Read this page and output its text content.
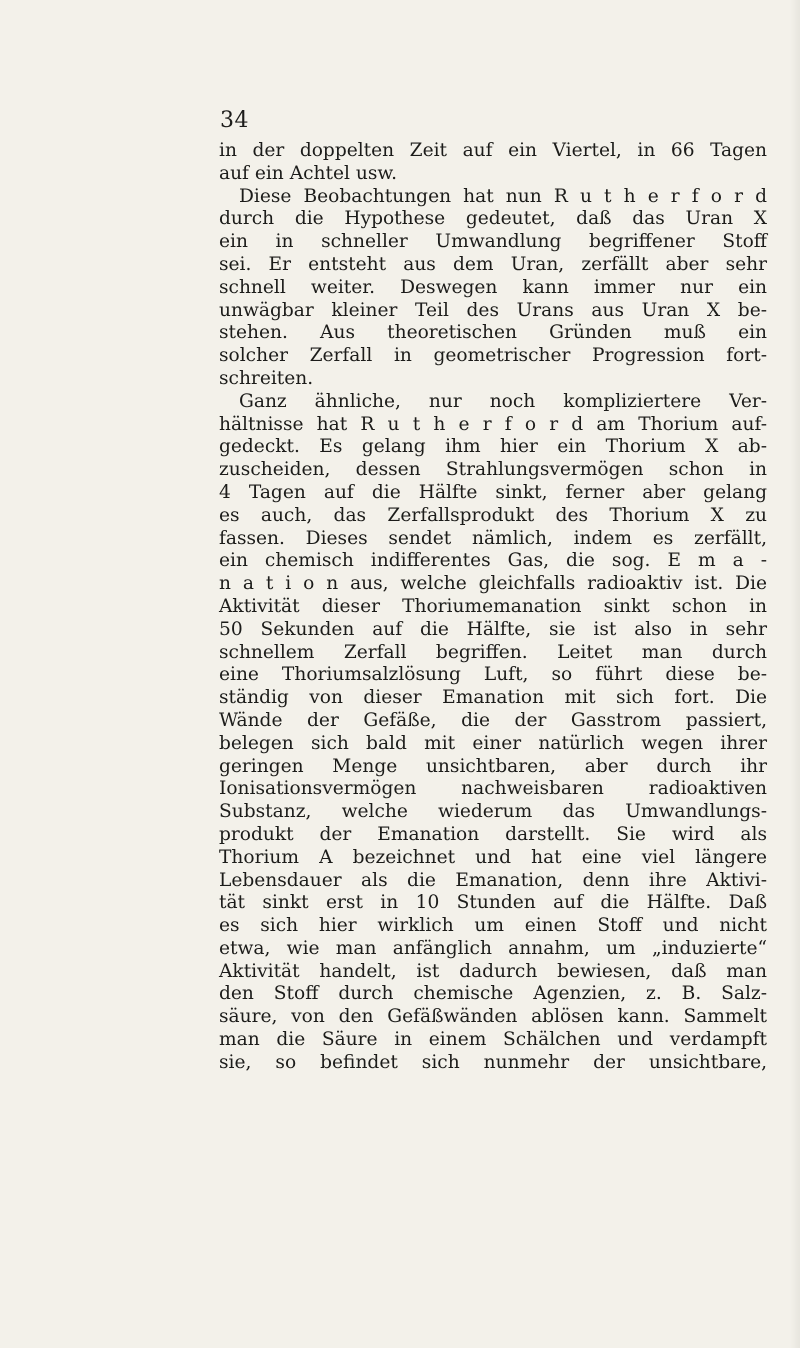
34
in der doppelten Zeit auf ein Viertel, in 66 Tagen
auf ein Achtel usw.
Diese Beobachtungen hat nun R u t h e r f o r d
durch die Hypothese gedeutet, daß das Uran X
ein in schneller Umwandlung begriffener Stoff
sei. Er entsteht aus dem Uran, zerfällt aber sehr
schnell weiter. Deswegen kann immer nur ein
unwägbar kleiner Teil des Urans aus Uran X be-
stehen. Aus theoretischen Gründen muß ein
solcher Zerfall in geometrischer Progression fort-
schreiten.
Ganz ähnliche, nur noch kompliziertere Ver-
hältnisse hat R u t h e r f o r d am Thorium auf-
gedeckt. Es gelang ihm hier ein Thorium X ab-
zuscheiden, dessen Strahlungsvermögen schon in
4 Tagen auf die Hälfte sinkt, ferner aber gelang
es auch, das Zerfallsprodukt des Thorium X zu
fassen. Dieses sendet nämlich, indem es zerfällt,
ein chemisch indifferentes Gas, die sog. E m a -
n a t i o n aus, welche gleichfalls radioaktiv ist. Die
Aktivität dieser Thoriumemanation sinkt schon in
50 Sekunden auf die Hälfte, sie ist also in sehr
schnellem Zerfall begriffen. Leitet man durch
eine Thoriumsalzlösung Luft, so führt diese be-
ständig von dieser Emanation mit sich fort. Die
Wände der Gefäße, die der Gasstrom passiert,
belegen sich bald mit einer natürlich wegen ihrer
geringen Menge unsichtbaren, aber durch ihr
Ionisationsvermögen nachweisbaren radioaktiven
Substanz, welche wiederum das Umwandlungs-
produkt der Emanation darstellt. Sie wird als
Thorium A bezeichnet und hat eine viel längere
Lebensdauer als die Emanation, denn ihre Aktivi-
tät sinkt erst in 10 Stunden auf die Hälfte. Daß
es sich hier wirklich um einen Stoff und nicht
etwa, wie man anfänglich annahm, um „induzierte“
Aktivität handelt, ist dadurch bewiesen, daß man
den Stoff durch chemische Agenzien, z. B. Salz-
säure, von den Gefäßwänden ablösen kann. Sammelt
man die Säure in einem Schälchen und verdampft
sie, so befindet sich nunmehr der unsichtbare,
